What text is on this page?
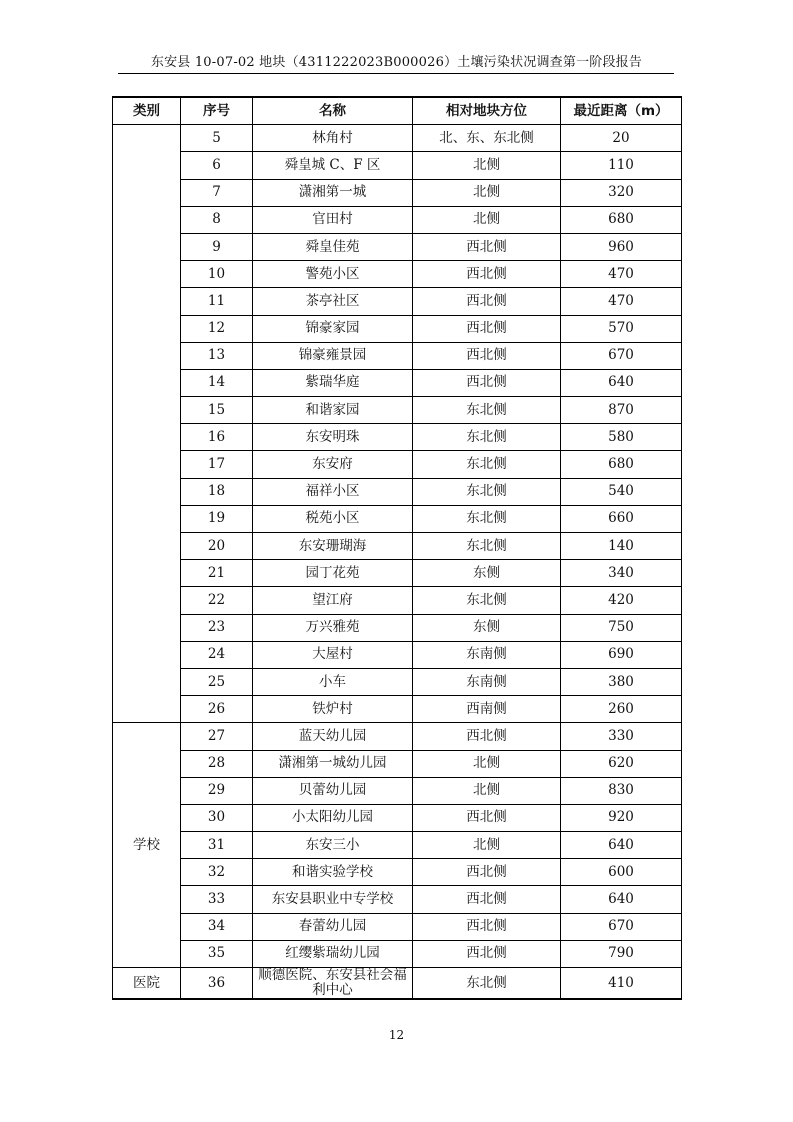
东安县 10-07-02 地块（4311222023B000026）土壤污染状况调查第一阶段报告
类别	序号	名称	相对地块方位	最近距离（m）
	5	林角村	北、东、东北侧	20
	6	舜皇城 C、F 区	北侧	110
	7	潇湘第一城	北侧	320
	8	官田村	北侧	680
	9	舜皇佳苑	西北侧	960
	10	警苑小区	西北侧	470
	11	茶亭社区	西北侧	470
	12	锦豪家园	西北侧	570
	13	锦豪雍景园	西北侧	670
	14	紫瑞华庭	西北侧	640
	15	和谐家园	东北侧	870
	16	东安明珠	东北侧	580
	17	东安府	东北侧	680
	18	福祥小区	东北侧	540
	19	税苑小区	东北侧	660
	20	东安珊瑚海	东北侧	140
	21	园丁花苑	东侧	340
	22	望江府	东北侧	420
	23	万兴雅苑	东侧	750
	24	大屋村	东南侧	690
	25	小车	东南侧	380
	26	铁炉村	西南侧	260
学校	27	蓝天幼儿园	西北侧	330
	28	潇湘第一城幼儿园	北侧	620
	29	贝蕾幼儿园	北侧	830
	30	小太阳幼儿园	西北侧	920
	31	东安三小	北侧	640
	32	和谐实验学校	西北侧	600
	33	东安县职业中专学校	西北侧	640
	34	春蕾幼儿园	西北侧	670
	35	红缨紫瑞幼儿园	西北侧	790
医院	36	顺德医院、东安县社会福利中心	东北侧	410
12
